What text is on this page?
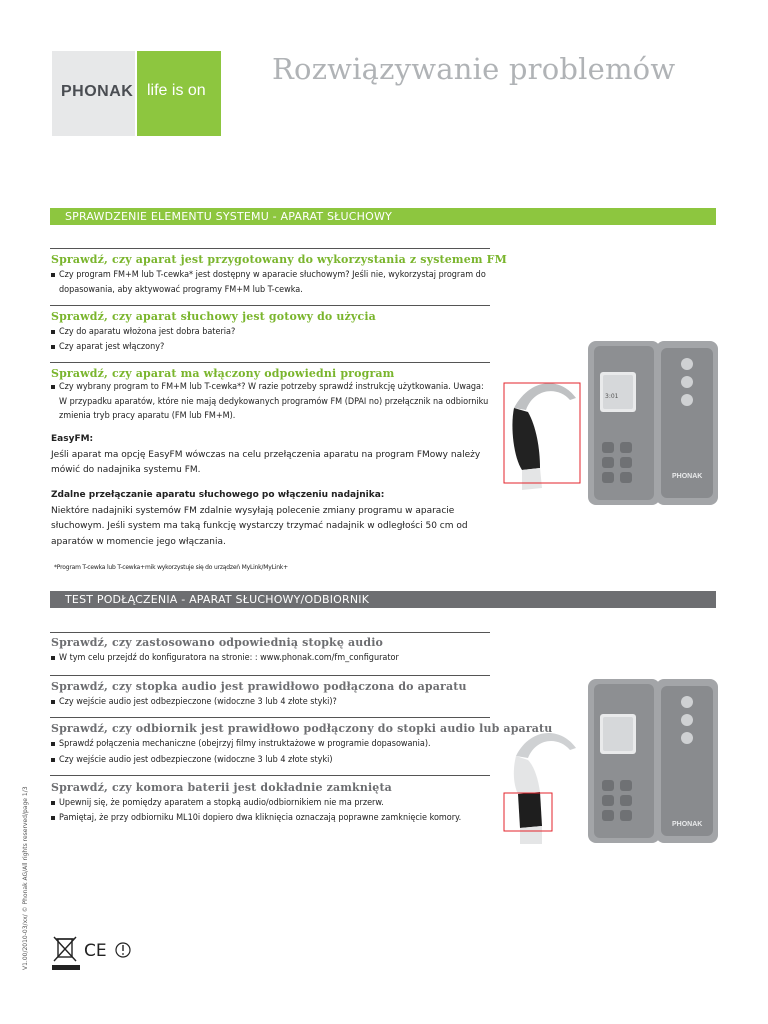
PHONAK life is on
Rozwiązywanie problemów
SPRAWDZENIE ELEMENTU SYSTEMU - APARAT SŁUCHOWY
Sprawdź, czy aparat jest przygotowany do wykorzystania z systemem FM
Czy program FM+M lub T-cewka* jest dostępny w aparacie słuchowym? Jeśli nie, wykorzystaj program do dopasowania, aby aktywować programy FM+M lub T-cewka.
Sprawdź, czy aparat słuchowy jest gotowy do użycia
Czy do aparatu włożona jest dobra bateria?
Czy aparat jest włączony?
Sprawdź, czy aparat ma włączony odpowiedni program
Czy wybrany program to FM+M lub T-cewka*? W razie potrzeby sprawdź instrukcję użytkowania. Uwaga: W przypadku aparatów, które nie mają dedykowanych programów FM (DPAI no) przełącznik na odbiorniku zmienia tryb pracy aparatu (FM lub FM+M).
EasyFM:
Jeśli aparat ma opcję EasyFM wówczas na celu przełączenia aparatu na program FMowy należy mówić do nadajnika systemu FM.
Zdalne przełączanie aparatu słuchowego po włączeniu nadajnika:
Niektóre nadajniki systemów FM zdalnie wysyłają polecenie zmiany programu w aparacie słuchowym. Jeśli system ma taką funkcję wystarczy trzymać nadajnik w odległości 50 cm od aparatów w momencie jego włączania.
*Program T-cewka lub T-cewka+mik wykorzystuje się do urządzeń MyLink/MyLink+
3:01
PHONAK
TEST PODŁĄCZENIA - APARAT SŁUCHOWY/ODBIORNIK
Sprawdź, czy zastosowano odpowiednią stopkę audio
W tym celu przejdź do konfiguratora na stronie: : www.phonak.com/fm_configurator
Sprawdź, czy stopka audio jest prawidłowo podłączona do aparatu
Czy wejście audio jest odbezpieczone (widoczne 3 lub 4 złote styki)?
Sprawdź, czy odbiornik jest prawidłowo podłączony do stopki audio lub aparatu
Sprawdź połączenia mechaniczne (obejrzyj filmy instruktażowe w programie dopasowania).
Czy wejście audio jest odbezpieczone (widoczne 3 lub 4 złote styki)
Sprawdź, czy komora baterii jest dokładnie zamknięta
Upewnij się, że pomiędzy aparatem a stopką audio/odbiornikiem nie ma przerw.
Pamiętaj, że przy odbiorniku ML10i dopiero dwa kliknięcia oznaczają poprawne zamknięcie komory.
PHONAK
V1.00/2010-03/xx/ © Phonak AG/All rights reserved/page 1/3	CE
